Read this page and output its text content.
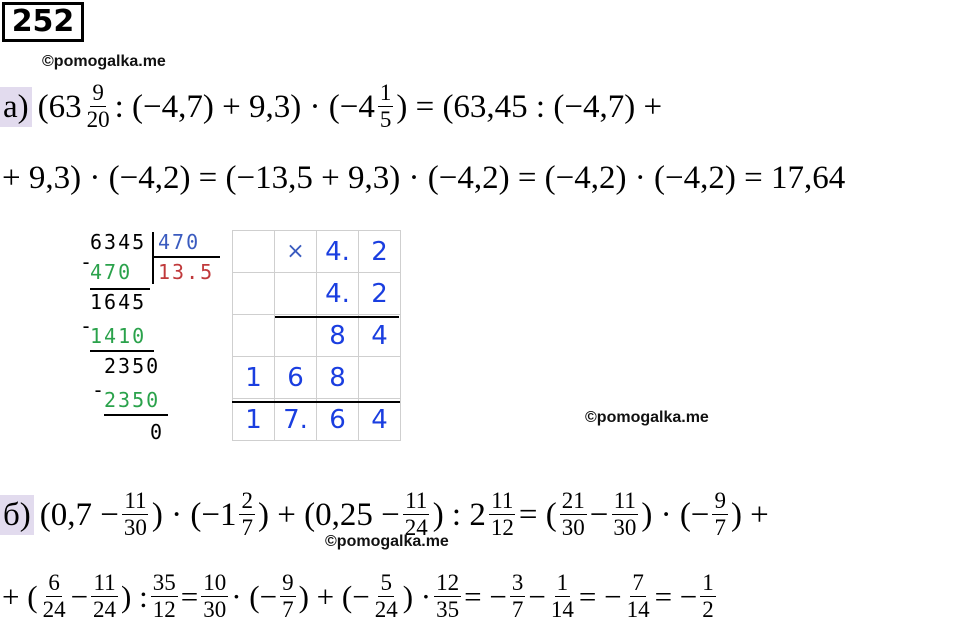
252
©pomogalka.me
а) ($63 \frac{9}{20}$ : $(-4,7) + 9,3) \cdot (-4 \frac{1}{5}$ ) = (63,45 : (−4,7) +
+ 9,3) · (−4,2) = (−13,5 + 9,3) · (−4,2) = (−4,2) · (−4,2) = 17,64
6345 470
13.5
-
470
1645
-
1410
2350
-
2350
0
	×	4.	2
		4.	2
		8	4
1	6	8	
1	7.	6	4	©pomogalka.me
б) ($0,7 - \frac{11}{30}$ ) · ($-1 \frac{2}{7}$ ) + ($0,25 - \frac{11}{24}$ ) : $2 \frac{11}{12}$ = ( $\frac{21}{30} - \frac{11}{30}$ ) · (− $\frac{9}{7}$ ) +
©pomogalka.me
+ ( $\frac{6}{24} - \frac{11}{24}$ ) : $\frac{35}{12} = \frac{10}{30}$ · (− $\frac{9}{7}$ ) + (− $\frac{5}{24}$ ) · $\frac{12}{35}$ = − $\frac{3}{7} - \frac{1}{14}$ = − $\frac{7}{14}$ = − $\frac{1}{2}$
